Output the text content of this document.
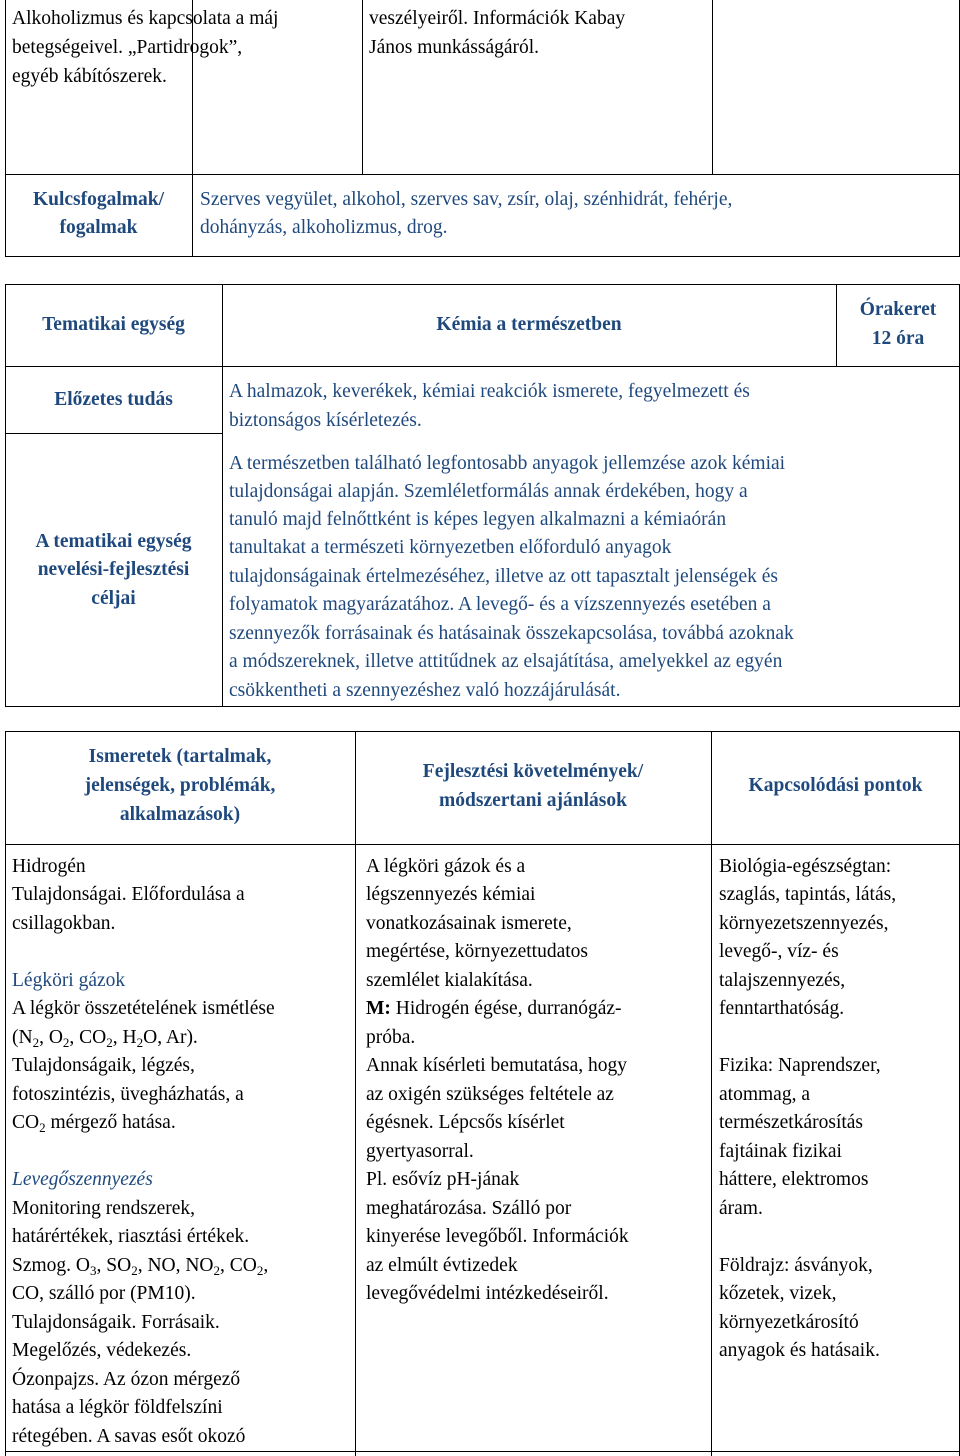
Alkoholizmus és kapcsolata a máj
betegségeivel. „Partidrogok”,
egyéb kábítószerek.
veszélyeiről. Információk Kabay
János munkásságáról.
Kulcsfogalmak/
fogalmak
Szerves vegyület, alkohol, szerves sav, zsír, olaj, szénhidrát, fehérje,
dohányzás, alkoholizmus, drog.
Tematikai egység	Kémia a természetben
Órakeret
12 óra
Előzetes tudás	A halmazok, keverékek, kémiai reakciók ismerete, fegyelmezett és
biztonságos kísérletezés.
A tematikai egység
nevelési-fejlesztési
céljai
A természetben található legfontosabb anyagok jellemzése azok kémiai
tulajdonságai alapján. Szemléletformálás annak érdekében, hogy a
tanuló majd felnőttként is képes legyen alkalmazni a kémiaórán
tanultakat a természeti környezetben előforduló anyagok
tulajdonságainak értelmezéséhez, illetve az ott tapasztalt jelenségek és
folyamatok magyarázatához. A levegő- és a vízszennyezés esetében a
szennyezők forrásainak és hatásainak összekapcsolása, továbbá azoknak
a módszereknek, illetve attitűdnek az elsajátítása, amelyekkel az egyén
csökkentheti a szennyezéshez való hozzájárulását.
Ismeretek (tartalmak,
jelenségek, problémák,
alkalmazások)
Fejlesztési követelmények/
módszertani ajánlások
Kapcsolódási pontok
Hidrogén
Tulajdonságai. Előfordulása a
csillagokban.
Légköri gázok
A légkör összetételének ismétlése
($N_2$, $O_2$, $CO_2$, $H_2O$, Ar).
Tulajdonságaik, légzés,
fotoszintézis, üvegházhatás, a
$CO_2$ mérgező hatása.
Levegőszennyezés
Monitoring rendszerek,
határértékek, riasztási értékek.
Szmog. $O_3$, $SO_2$, NO, $NO_2$, $CO_2$,
CO, szálló por (PM10).
Tulajdonságaik. Forrásaik.
Megelőzés, védekezés.
Ózonpajzs. Az ózon mérgező
hatása a légkör földfelszíni
rétegében. A savas esőt okozó
A légköri gázok és a
légszennyezés kémiai
vonatkozásainak ismerete,
megértése, környezettudatos
szemlélet kialakítása.
M: Hidrogén égése, durranógáz-
próba.
Annak kísérleti bemutatása, hogy
az oxigén szükséges feltétele az
égésnek. Lépcsős kísérlet
gyertyasorral.
Pl. esővíz pH-jának
meghatározása. Szálló por
kinyerése levegőből. Információk
az elmúlt évtizedek
levegővédelmi intézkedéseiről.
Biológia-egészségtan:
szaglás, tapintás, látás,
környezetszennyezés,
levegő-, víz- és
talajszennyezés,
fenntarthatóság.
Fizika: Naprendszer,
atommag, a
természetkárosítás
fajtáinak fizikai
háttere, elektromos
áram.
Földrajz: ásványok,
kőzetek, vizek,
környezetkárosító
anyagok és hatásaik.
